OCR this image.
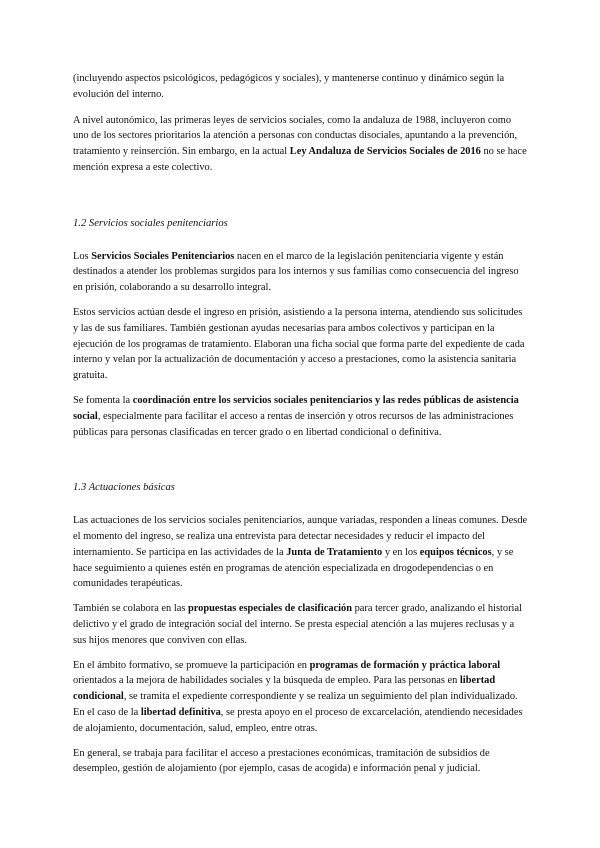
(incluyendo aspectos psicológicos, pedagógicos y sociales), y mantenerse continuo y dinámico según la evolución del interno.

A nivel autonómico, las primeras leyes de servicios sociales, como la andaluza de 1988, incluyeron como uno de los sectores prioritarios la atención a personas con conductas disociales, apuntando a la prevención, tratamiento y reinserción. Sin embargo, en la actual Ley Andaluza de Servicios Sociales de 2016 no se hace mención expresa a este colectivo.

1.2 Servicios sociales penitenciarios

Los Servicios Sociales Penitenciarios nacen en el marco de la legislación penitenciaria vigente y están destinados a atender los problemas surgidos para los internos y sus familias como consecuencia del ingreso en prisión, colaborando a su desarrollo integral.

Estos servicios actúan desde el ingreso en prisión, asistiendo a la persona interna, atendiendo sus solicitudes y las de sus familiares. También gestionan ayudas necesarias para ambos colectivos y participan en la ejecución de los programas de tratamiento. Elaboran una ficha social que forma parte del expediente de cada interno y velan por la actualización de documentación y acceso a prestaciones, como la asistencia sanitaria gratuita.

Se fomenta la coordinación entre los servicios sociales penitenciarios y las redes públicas de asistencia social, especialmente para facilitar el acceso a rentas de inserción y otros recursos de las administraciones públicas para personas clasificadas en tercer grado o en libertad condicional o definitiva.

1.3 Actuaciones básicas

Las actuaciones de los servicios sociales penitenciarios, aunque variadas, responden a líneas comunes. Desde el momento del ingreso, se realiza una entrevista para detectar necesidades y reducir el impacto del internamiento. Se participa en las actividades de la Junta de Tratamiento y en los equipos técnicos, y se hace seguimiento a quienes estén en programas de atención especializada en drogodependencias o en comunidades terapéuticas.

También se colabora en las propuestas especiales de clasificación para tercer grado, analizando el historial delictivo y el grado de integración social del interno. Se presta especial atención a las mujeres reclusas y a sus hijos menores que conviven con ellas.

En el ámbito formativo, se promueve la participación en programas de formación y práctica laboral orientados a la mejora de habilidades sociales y la búsqueda de empleo. Para las personas en libertad condicional, se tramita el expediente correspondiente y se realiza un seguimiento del plan individualizado. En el caso de la libertad definitiva, se presta apoyo en el proceso de excarcelación, atendiendo necesidades de alojamiento, documentación, salud, empleo, entre otras.

En general, se trabaja para facilitar el acceso a prestaciones económicas, tramitación de subsidios de desempleo, gestión de alojamiento (por ejemplo, casas de acogida) e información penal y judicial.
